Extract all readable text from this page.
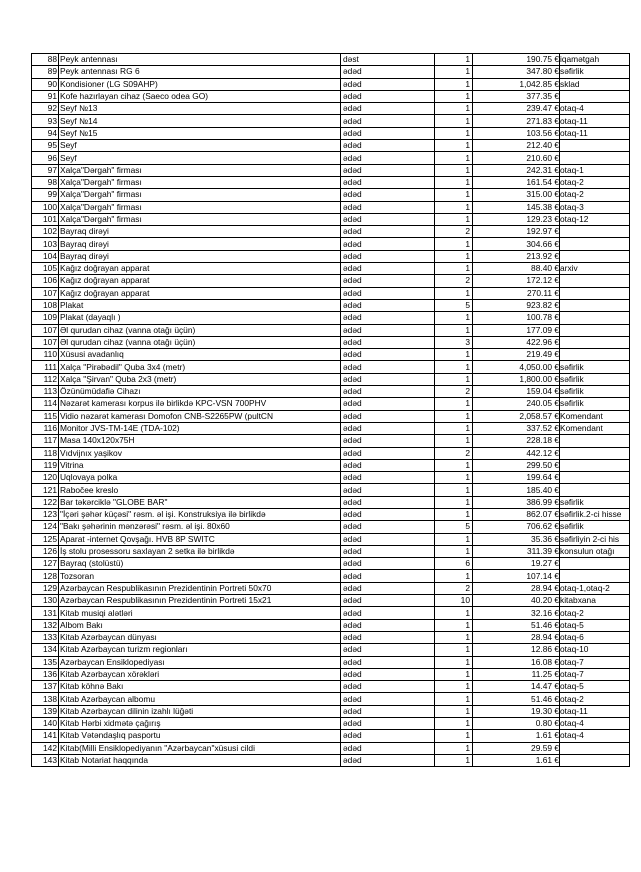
88	Peyk antennası	dəst	1	190.75 €	iqamətgah
89	Peyk antennası RG 6	ədəd	1	347.80 €	səfirlik
90	Kondisioner (LG S09AHP)	ədəd	1	1,042.85 €	sklad
91	Kofe hazırlayan cihaz (Saeco odea GO)	ədəd	1	377.35 €	
92	Seyf №13	ədəd	1	239.47 €	otaq-4
93	Seyf №14	ədəd	1	271.83 €	otaq-11
94	Seyf №15	ədəd	1	103.56 €	otaq-11
95	Seyf	ədəd	1	212.40 €	
96	Seyf	ədəd	1	210.60 €	
97	Xalça"Dərgah" firması	ədəd	1	242.31 €	otaq-1
98	Xalça"Dərgah" firması	ədəd	1	161.54 €	otaq-2
99	Xalça"Dərgah" firması	ədəd	1	315.00 €	otaq-2
100	Xalça"Dərgah" firması	ədəd	1	145.38 €	otaq-3
101	Xalça"Dərgah" firması	ədəd	1	129.23 €	otaq-12
102	Bayraq dirəyi	ədəd	2	192.97 €	
103	Bayraq dirəyi	ədəd	1	304.66 €	
104	Bayraq dirəyi	ədəd	1	213.92 €	
105	Kağız doğrayan apparat	ədəd	1	88.40 €	arxiv
106	Kağız doğrayan apparat	ədəd	2	172.12 €	
107	Kağız doğrayan apparat	ədəd	1	270.11 €	
108	Plakat	ədəd	5	923.82 €	
109	Plakat (dayaqlı )	ədəd	1	100.78 €	
107	Əl qurudan cihaz (vanna otağı üçün)	ədəd	1	177.09 €	
107	Əl qurudan cihaz (vanna otağı üçün)	ədəd	3	422.96 €	
110	Xüsusi avadanlıq	ədəd	1	219.49 €	
111	Xalça "Pirəbədil" Quba 3x4 (metr)	ədəd	1	4,050.00 €	səfirlik
112	Xalça "Şirvan" Quba 2x3 (metr)	ədəd	1	1,800.00 €	səfirlik
113	Özünümüdafiə Cihazı	ədəd	2	159.04 €	səfirlik
114	Nəzarət kamerası korpus ilə birlikdə KPC-VSN 700PHV	ədəd	1	240.05 €	səfirlik
115	Vidio nəzarət kamerası Domofon CNB-S2265PW (pultCN	ədəd	1	2,058.57 €	Komendant
116	Monitor JVS-TM-14E (TDA-102)	ədəd	1	337.52 €	Komendant
117	Masa 140x120x75H	ədəd	1	228.18 €	
118	Vıdvijnıx yaşikov	ədəd	2	442.12 €	
119	Vitrina	ədəd	1	299.50 €	
120	Uqlovaya polka	ədəd	1	199.64 €	
121	Rabočee kreslo	ədəd	1	185.40 €	
122	Bar təkərciklə "GLOBE BAR"	ədəd	1	386.99 €	səfirlik
123	"İçəri şəhər küçəsi" rəsm. əl işi. Konstruksiya ilə birlikdə	ədəd	1	862.07 €	səfirlik.2-ci hisse
124	"Bakı şəhərinin mənzərəsi" rəsm. əl işi. 80x60	ədəd	5	706.62 €	səfirlik
125	Aparat -internet Qovşağı. HVB 8P SWITC	ədəd	1	35.36 €	səfirliyin 2-ci his
126	İş stolu prosessoru saxlayan 2 setka ilə birlikdə	ədəd	1	311.39 €	konsulun otağı
127	Bayraq (stolüstü)	ədəd	6	19.27 €	
128	Tozsoran	ədəd	1	107.14 €	
129	Azərbaycan Respublikasının Prezidentinin Portreti 50x70	ədəd	2	28.94 €	otaq-1,otaq-2
130	Azərbaycan Respublikasının Prezidentinin Portreti 15x21	ədəd	10	40.20 €	kitabxana
131	Kitab musiqi alətləri	ədəd	1	32.16 €	otaq-2
132	Albom Bakı	ədəd	1	51.46 €	otaq-5
133	Kitab Azərbaycan dünyası	ədəd	1	28.94 €	otaq-6
134	Kitab Azərbaycan turizm regionları	ədəd	1	12.86 €	otaq-10
135	Azərbaycan Ensiklopediyası	ədəd	1	16.08 €	otaq-7
136	Kitab Azərbaycan xörəkləri	ədəd	1	11.25 €	otaq-7
137	Kitab köhnə Bakı	ədəd	1	14.47 €	otaq-5
138	Kitab Azərbaycan albomu	ədəd	1	51.46 €	otaq-2
139	Kitab Azərbaycan dilinin izahlı lüğəti	ədəd	1	19.30 €	otaq-11
140	Kitab Hərbi xidmətə çağırış	ədəd	1	0.80 €	otaq-4
141	Kitab Vətəndaşlıq pasportu	ədəd	1	1.61 €	otaq-4
142	Kitab(Milli Ensiklopediyanın "Azərbaycan"xüsusi cildi	ədəd	1	29.59 €	
143	Kitab Notariat haqqında	ədəd	1	1.61 €	
